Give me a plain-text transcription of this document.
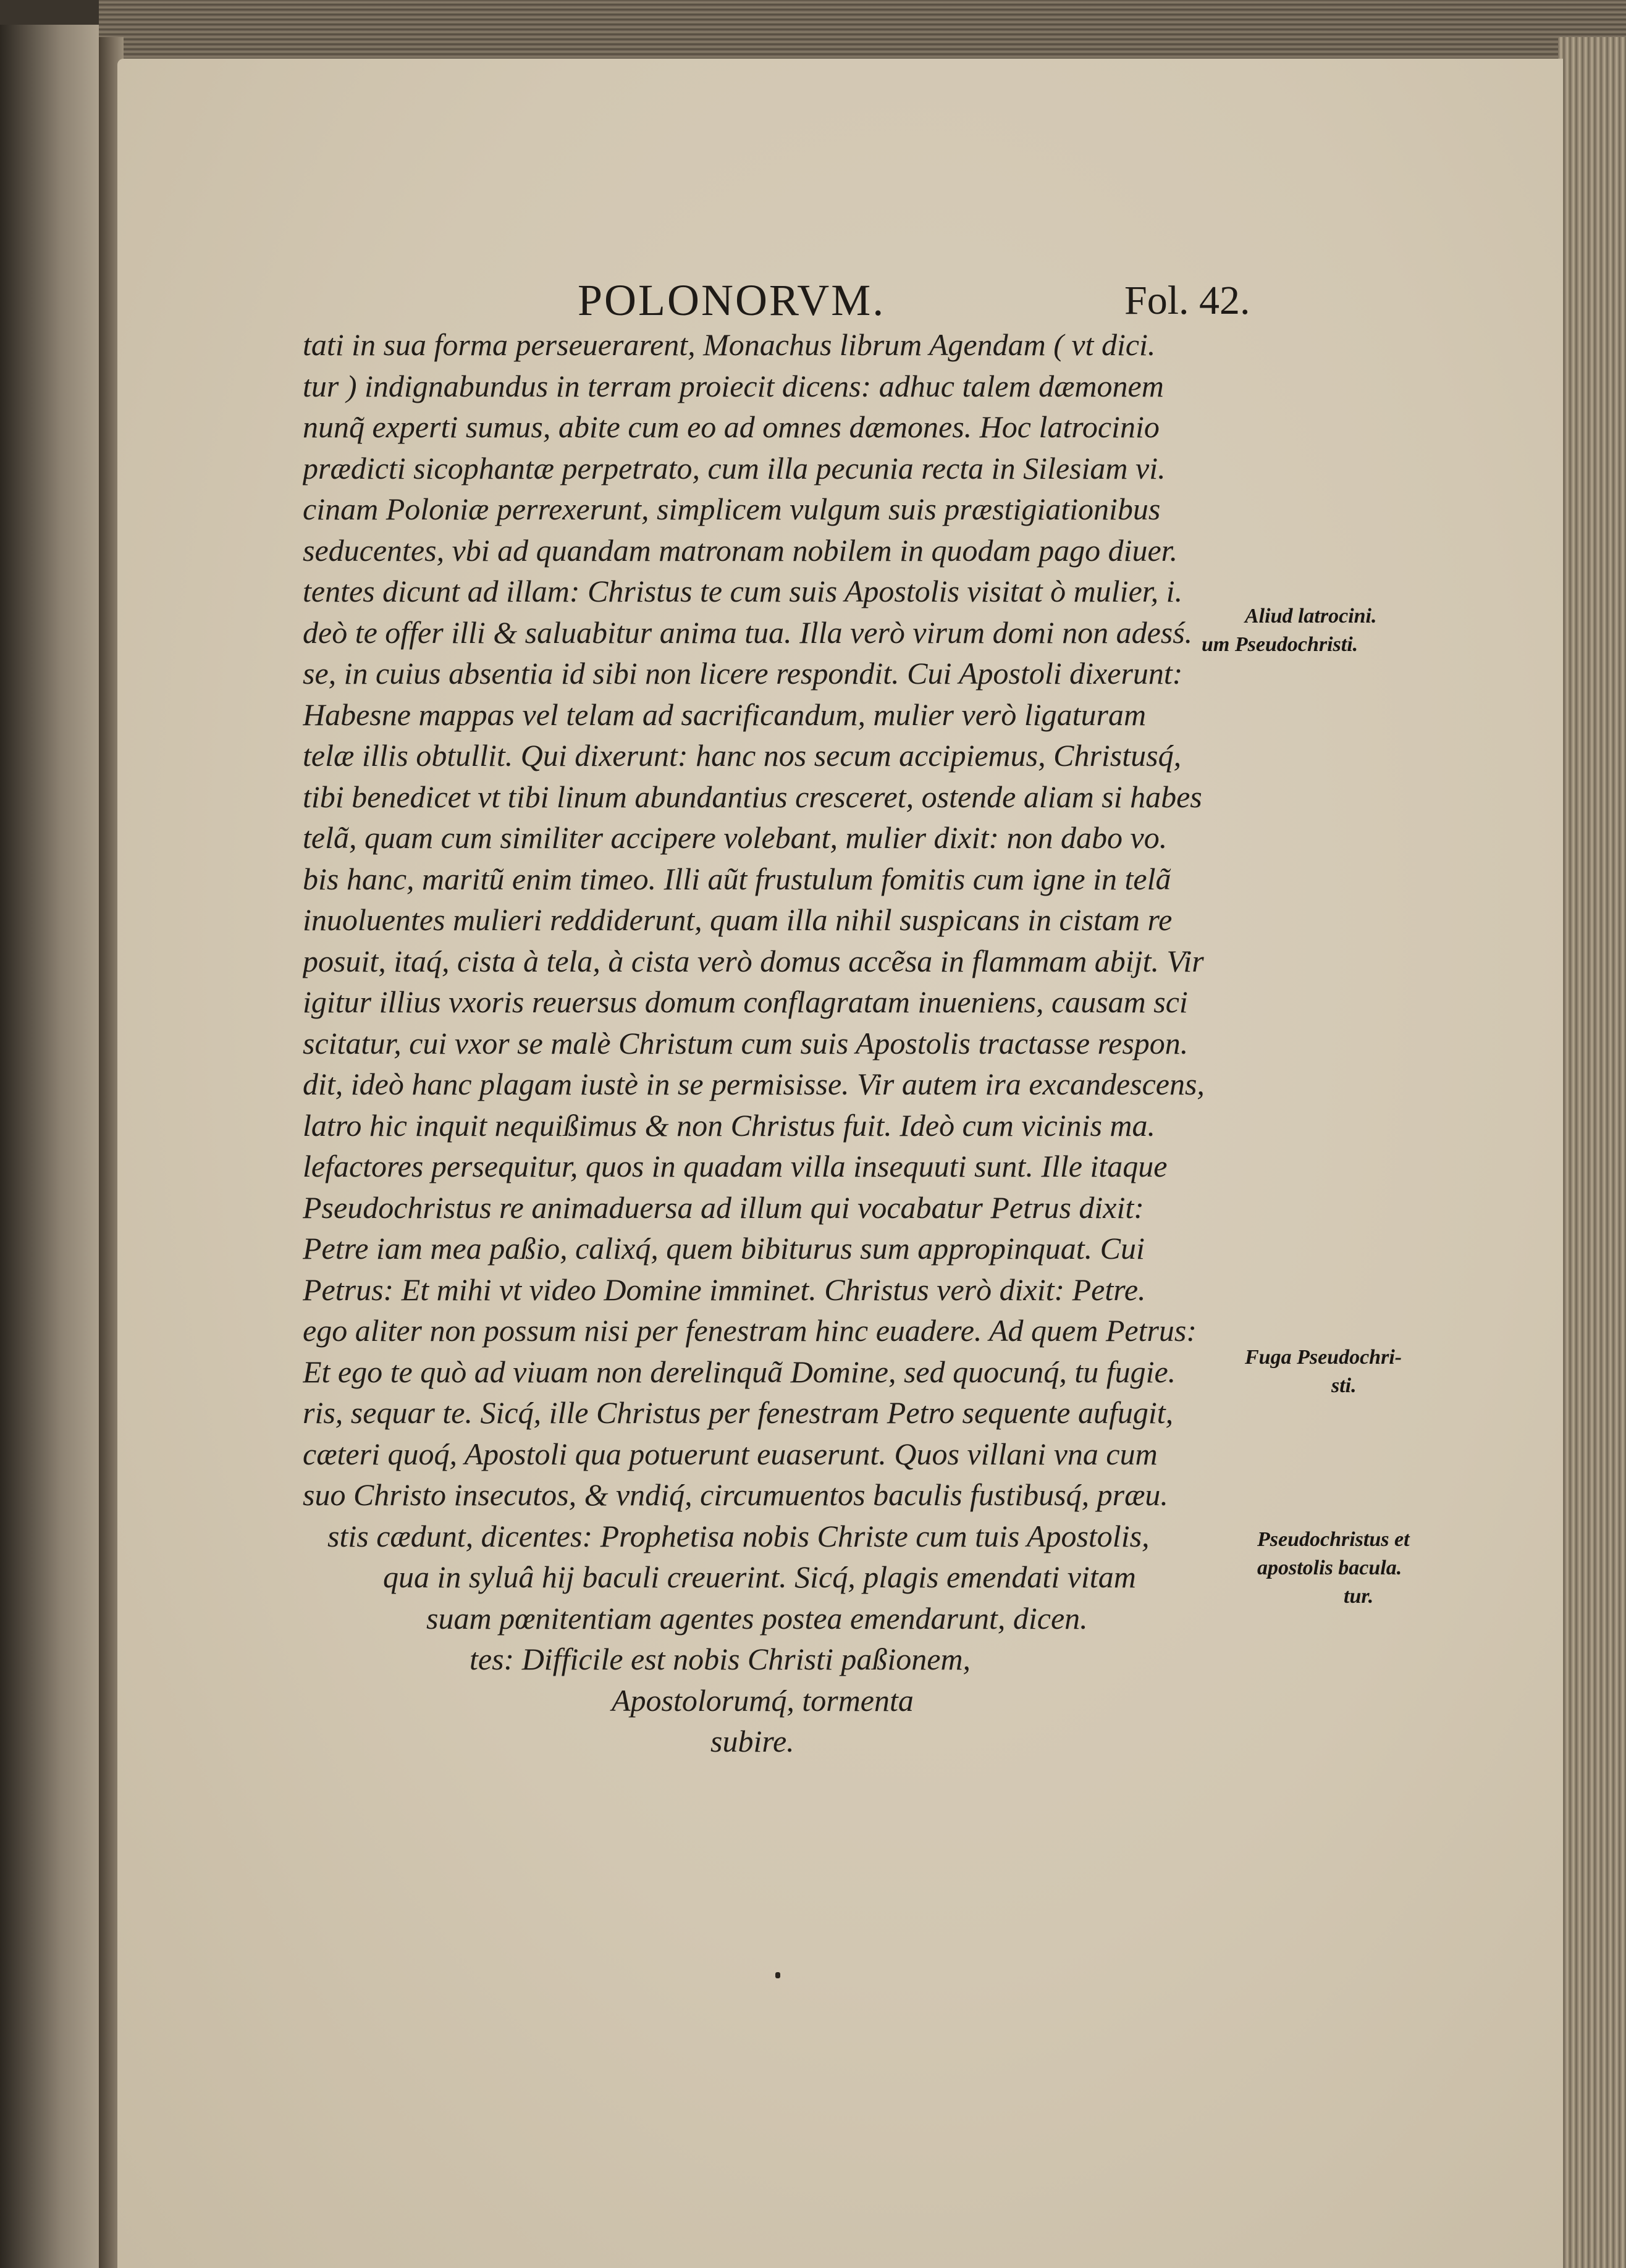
POLONORVM.	Fol. 42.
tati in sua forma perseuerarent, Monachus librum Agendam ( vt dici.
tur ) indignabundus in terram proiecit dicens: adhuc talem dæmonem
nunq̃ experti sumus, abite cum eo ad omnes dæmones. Hoc latrocinio
prædicti sicophantæ perpetrato, cum illa pecunia recta in Silesiam vi.
cinam Poloniæ perrexerunt, simplicem vulgum suis præstigiationibus
seducentes, vbi ad quandam matronam nobilem in quodam pago diuer.
tentes dicunt ad illam: Christus te cum suis Apostolis visitat ò mulier, i.
deò te offer illi & saluabitur anima tua. Illa verò virum domi non adesś.
se, in cuius absentia id sibi non licere respondit. Cui Apostoli dixerunt:
Habesne mappas vel telam ad sacrificandum, mulier verò ligaturam
telæ illis obtullit. Qui dixerunt: hanc nos secum accipiemus, Christusq́,
tibi benedicet vt tibi linum abundantius cresceret, ostende aliam si habes
telã, quam cum similiter accipere volebant, mulier dixit: non dabo vo.
bis hanc, maritũ enim timeo. Illi aũt frustulum fomitis cum igne in telã
inuoluentes mulieri reddiderunt, quam illa nihil suspicans in cistam re
posuit, itaq́, cista à tela, à cista verò domus accẽsa in flammam abijt. Vir
igitur illius vxoris reuersus domum conflagratam inueniens, causam sci
scitatur, cui vxor se malè Christum cum suis Apostolis tractasse respon.
dit, ideò hanc plagam iustè in se permisisse. Vir autem ira excandescens,
latro hic inquit nequißimus & non Christus fuit. Ideò cum vicinis ma.
lefactores persequitur, quos in quadam villa insequuti sunt. Ille itaque
Pseudochristus re animaduersa ad illum qui vocabatur Petrus dixit:
Petre iam mea paßio, calixq́, quem bibiturus sum appropinquat. Cui
Petrus: Et mihi vt video Domine imminet. Christus verò dixit: Petre.
ego aliter non possum nisi per fenestram hinc euadere. Ad quem Petrus:
Et ego te quò ad viuam non derelinquã Domine, sed quocunq́, tu fugie.
ris, sequar te. Sicq́, ille Christus per fenestram Petro sequente aufugit,
cæteri quoq́, Apostoli qua potuerunt euaserunt. Quos villani vna cum
suo Christo insecutos, & vndiq́, circumuentos baculis fustibusq́, præu.
stis cædunt, dicentes: Prophetisa nobis Christe cum tuis Apostolis,
qua in syluâ hij baculi creuerint. Sicq́, plagis emendati vitam
suam pœnitentiam agentes postea emendarunt, dicen.
tes: Difficile est nobis Christi paßionem,
Apostolorumq́, tormenta
subire.
Aliud latrocini.
um Pseudochristi.
Fuga Pseudochri-
sti.
Pseudochristus et
apostolis bacula.
tur.
